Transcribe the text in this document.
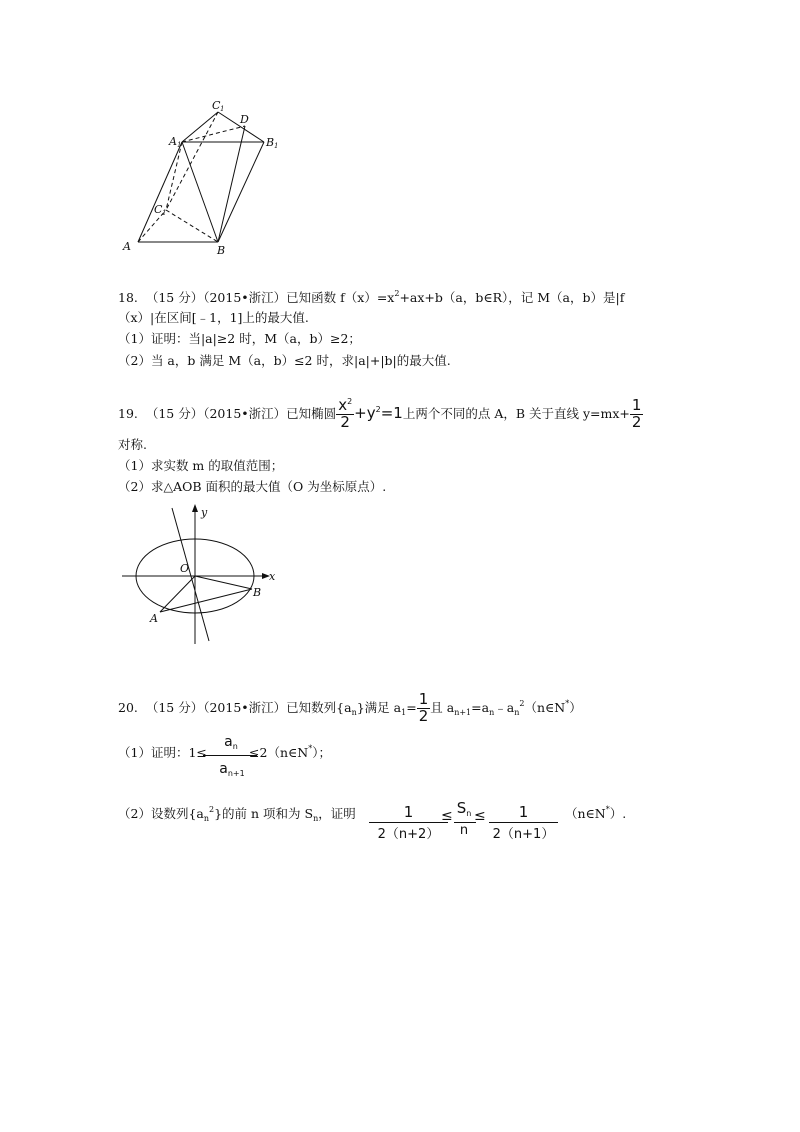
C 1
D
A 1	B 1
C 1
A	B
18. （15 分）（2015•浙江）已知函数 $f(x)=x^2+ax+b(a$，b∈R），记 M（a，b）是|f
（x）|在区间[﹣1，1]上的最大值.
（1）证明：当|a|≥2 时，M（a，b）≥2；
（2）当 a，b 满足 M（a，b）≤2 时，求|a|+|b|的最大值.
19. （15 分）（2015•浙江）已知椭圆 $\frac{x^2}{2} +y^2=1$上两个不同的点 A，B 关于直线 $y=mx+ \frac{1}{2}$
对称.
（1）求实数 m 的取值范围；
（2）求△AOB 面积的最大值（O 为坐标原点）.
y
x
O
B
A
20. （15 分）（2015•浙江）已知数列$\{a_n\}$满足 $a_1= \frac{1}{2}$ 且 $a_{n+1}=a_n﹣a_n^2(n\in N^*)$
（1）证明：1≤
$a_n$
$a_{n+1}$
≤2（n∈N*）；
（2）设数列$\{a_n^2\}$的前 n 项和为 $S_n$，证明	1
2（n+2）
≤ $S_n$
n
≤	1
2（n+1）
（n∈N*）.
